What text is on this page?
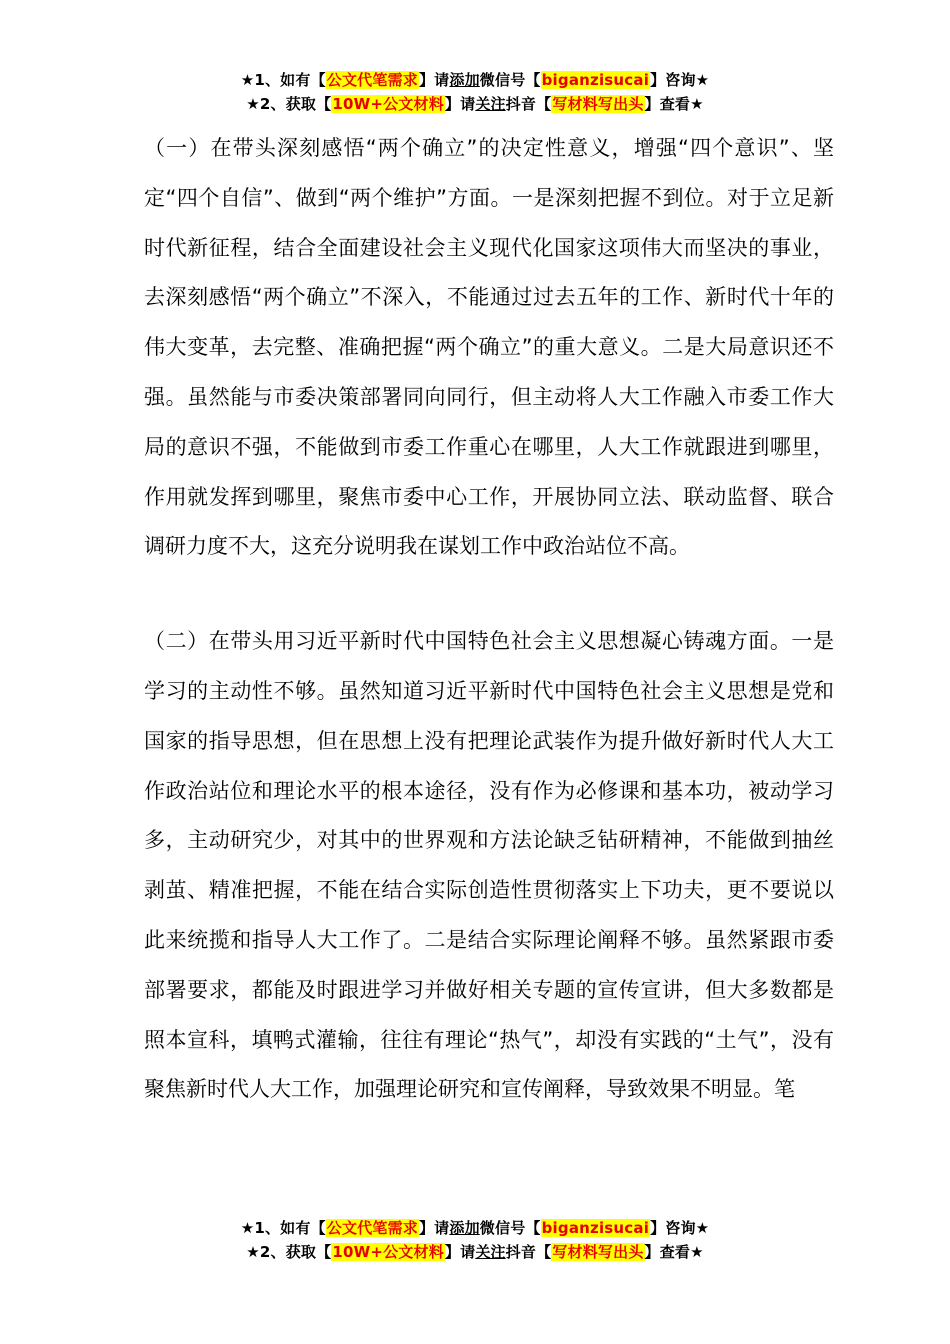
★1、如有【公文代笔需求】请添加微信号【biganzisucai】咨询★
★2、获取【10W+公文材料】请关注抖音【写材料写出头】查看★

（一）在带头深刻感悟“两个确立”的决定性意义，增强“四个意识”、坚定“四个自信”、做到“两个维护”方面。一是深刻把握不到位。对于立足新时代新征程，结合全面建设社会主义现代化国家这项伟大而坚决的事业，去深刻感悟“两个确立”不深入，不能通过过去五年的工作、新时代十年的伟大变革，去完整、准确把握“两个确立”的重大意义。二是大局意识还不强。虽然能与市委决策部署同向同行，但主动将人大工作融入市委工作大局的意识不强，不能做到市委工作重心在哪里，人大工作就跟进到哪里，作用就发挥到哪里，聚焦市委中心工作，开展协同立法、联动监督、联合调研力度不大，这充分说明我在谋划工作中政治站位不高。

（二）在带头用习近平新时代中国特色社会主义思想凝心铸魂方面。一是学习的主动性不够。虽然知道习近平新时代中国特色社会主义思想是党和国家的指导思想，但在思想上没有把理论武装作为提升做好新时代人大工作政治站位和理论水平的根本途径，没有作为必修课和基本功，被动学习多，主动研究少，对其中的世界观和方法论缺乏钻研精神，不能做到抽丝剥茧、精准把握，不能在结合实际创造性贯彻落实上下功夫，更不要说以此来统揽和指导人大工作了。二是结合实际理论阐释不够。虽然紧跟市委部署要求，都能及时跟进学习并做好相关专题的宣传宣讲，但大多数都是照本宣科，填鸭式灌输，往往有理论“热气”，却没有实践的“土气”，没有聚焦新时代人大工作，加强理论研究和宣传阐释，导致效果不明显。笔

★1、如有【公文代笔需求】请添加微信号【biganzisucai】咨询★
★2、获取【10W+公文材料】请关注抖音【写材料写出头】查看★
